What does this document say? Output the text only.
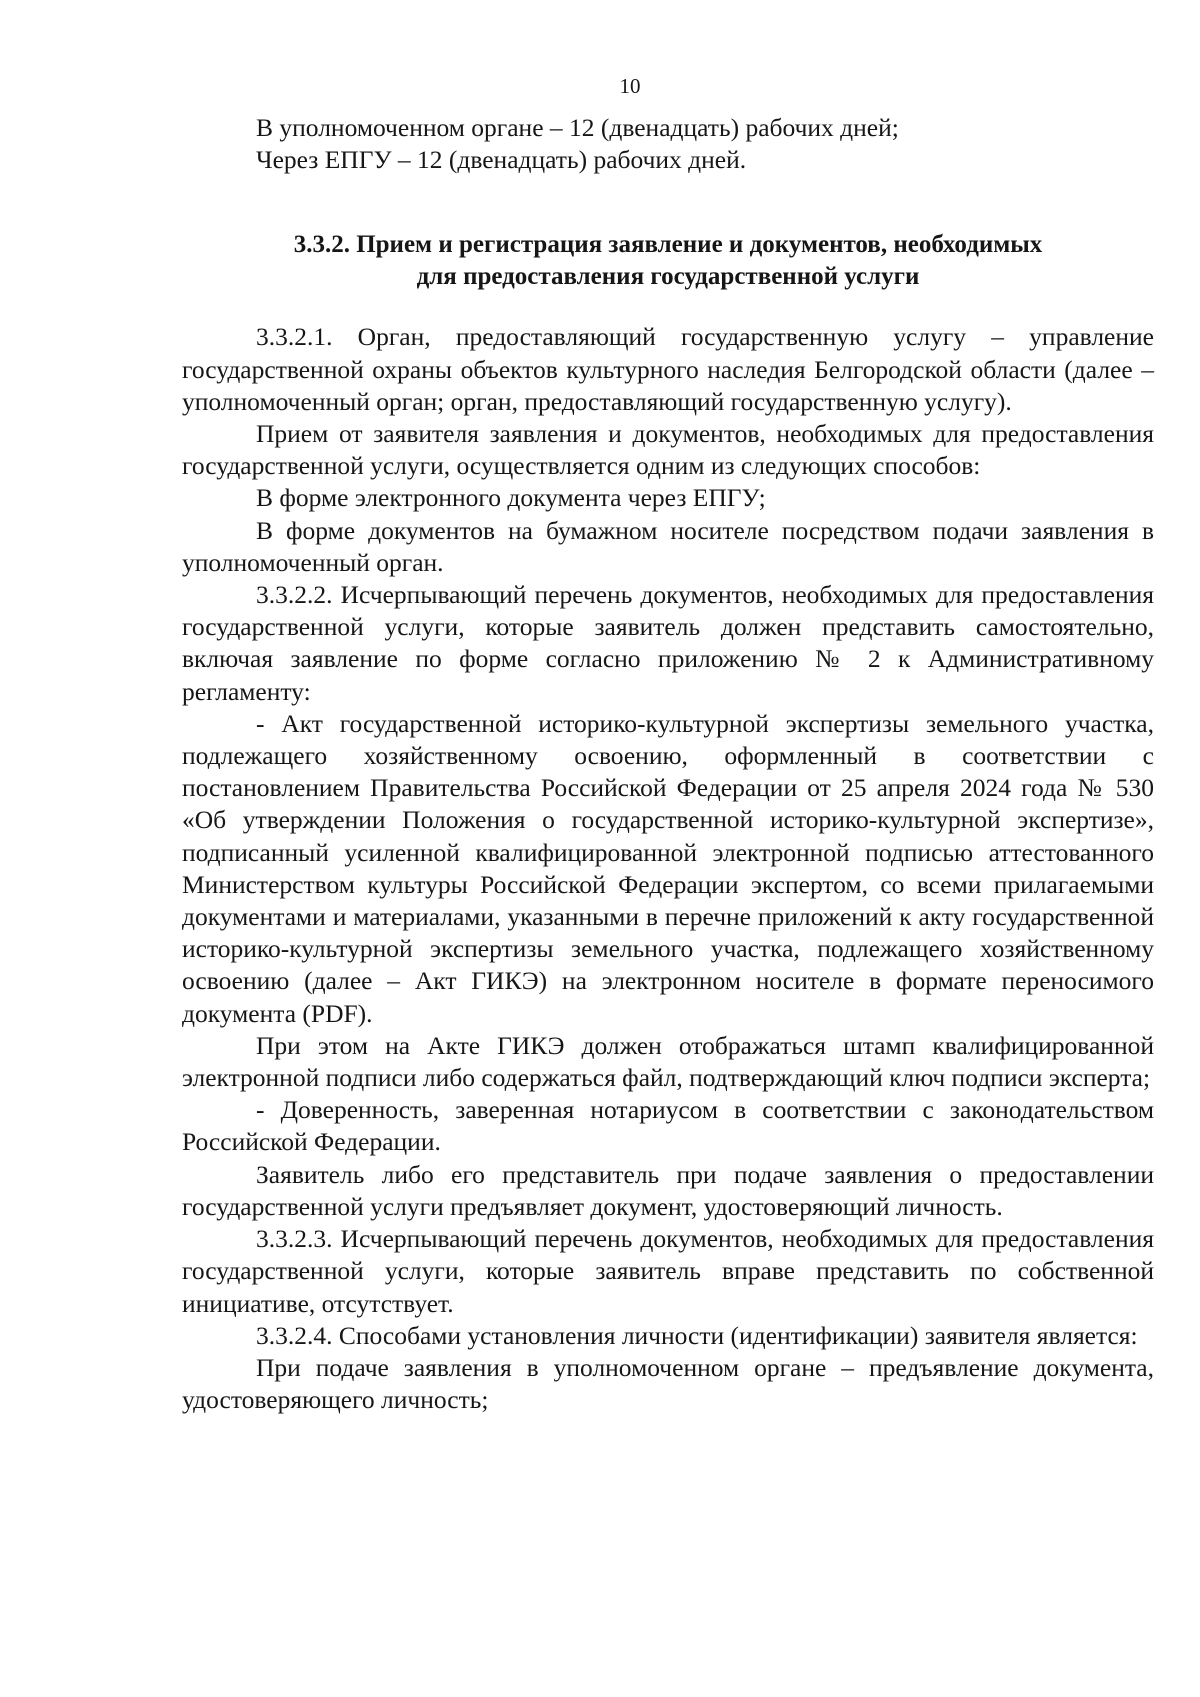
10

В уполномоченном органе – 12 (двенадцать) рабочих дней;

Через ЕПГУ – 12 (двенадцать) рабочих дней.

3.3.2. Прием и регистрация заявление и документов, необходимых
для предоставления государственной услуги

3.3.2.1. Орган, предоставляющий государственную услугу – управление государственной охраны объектов культурного наследия Белгородской области (далее – уполномоченный орган; орган, предоставляющий государственную услугу).

Прием от заявителя заявления и документов, необходимых для предоставления государственной услуги, осуществляется одним из следующих способов:

В форме электронного документа через ЕПГУ;

В форме документов на бумажном носителе посредством подачи заявления в уполномоченный орган.

3.3.2.2. Исчерпывающий перечень документов, необходимых для предоставления государственной услуги, которые заявитель должен представить самостоятельно, включая заявление по форме согласно приложению № 2 к Административному регламенту:

- Акт государственной историко-культурной экспертизы земельного участка, подлежащего хозяйственному освоению, оформленный в соответствии с постановлением Правительства Российской Федерации от 25 апреля 2024 года № 530 «Об утверждении Положения о государственной историко-культурной экспертизе», подписанный усиленной квалифицированной электронной подписью аттестованного Министерством культуры Российской Федерации экспертом, со всеми прилагаемыми документами и материалами, указанными в перечне приложений к акту государственной историко-культурной экспертизы земельного участка, подлежащего хозяйственному освоению (далее – Акт ГИКЭ) на электронном носителе в формате переносимого документа (PDF).

При этом на Акте ГИКЭ должен отображаться штамп квалифицированной электронной подписи либо содержаться файл, подтверждающий ключ подписи эксперта;

- Доверенность, заверенная нотариусом в соответствии с законодательством Российской Федерации.

Заявитель либо его представитель при подаче заявления о предоставлении государственной услуги предъявляет документ, удостоверяющий личность.

3.3.2.3. Исчерпывающий перечень документов, необходимых для предоставления государственной услуги, которые заявитель вправе представить по собственной инициативе, отсутствует.

3.3.2.4. Способами установления личности (идентификации) заявителя является:

При подаче заявления в уполномоченном органе – предъявление документа, удостоверяющего личность;
